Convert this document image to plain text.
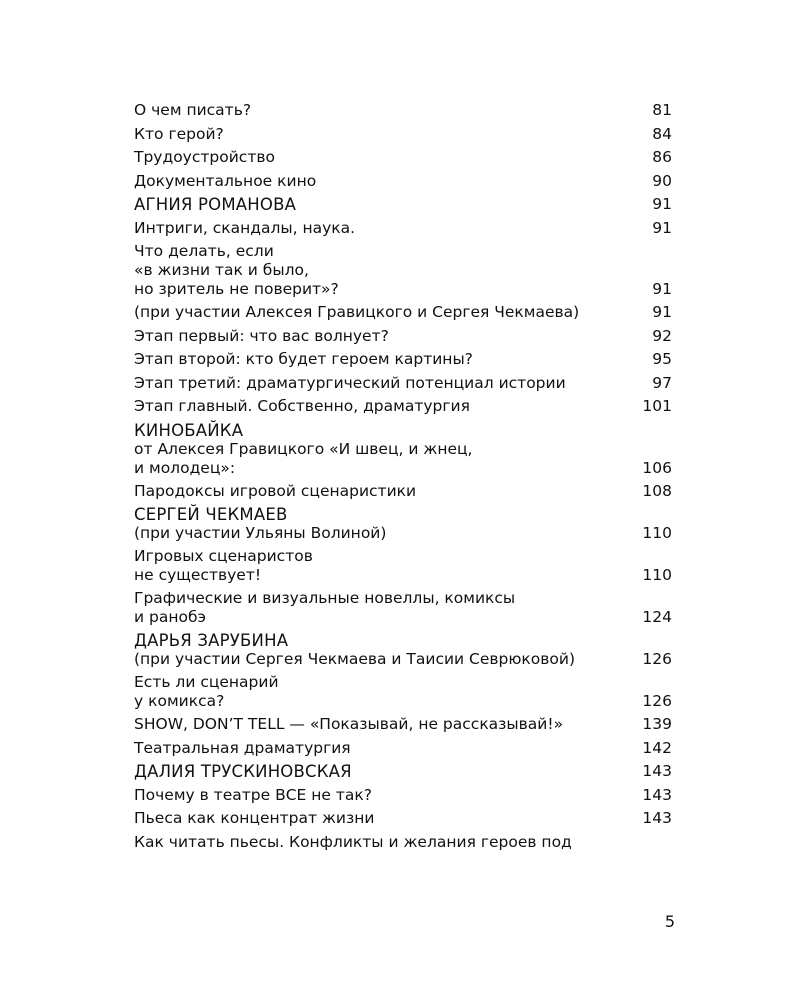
О чем писать?	81
Кто герой?	84
Трудоустройство	86
Документальное кино	90
АГНИЯ РОМАНОВА	91
Интриги, скандалы, наука.	91
Что делать, если
«в жизни так и было,
но зритель не поверит»?	91
(при участии Алексея Гравицкого и Сергея Чекмаева)	91
Этап первый: что вас волнует?	92
Этап второй: кто будет героем картины?	95
Этап третий: драматургический потенциал истории	97
Этап главный. Собственно, драматургия	101
КИНОБАЙКА
от Алексея Гравицкого «И швец, и жнец,
и молодец»:	106
Пародоксы игровой сценаристики	108
СЕРГЕЙ ЧЕКМАЕВ
(при участии Ульяны Волиной)	110
Игровых сценаристов
не существует!	110
Графические и визуальные новеллы, комиксы
и ранобэ	124
ДАРЬЯ ЗАРУБИНА
(при участии Сергея Чекмаева и Таисии Севрюковой)	126
Есть ли сценарий
у комикса?	126
SHOW, DON’T TELL — «Показывай, не рассказывай!»	139
Театральная драматургия	142
ДАЛИЯ ТРУСКИНОВСКАЯ	143
Почему в театре ВСЕ не так?	143
Пьеса как концентрат жизни	143
Как читать пьесы. Конфликты и желания героев под
5
